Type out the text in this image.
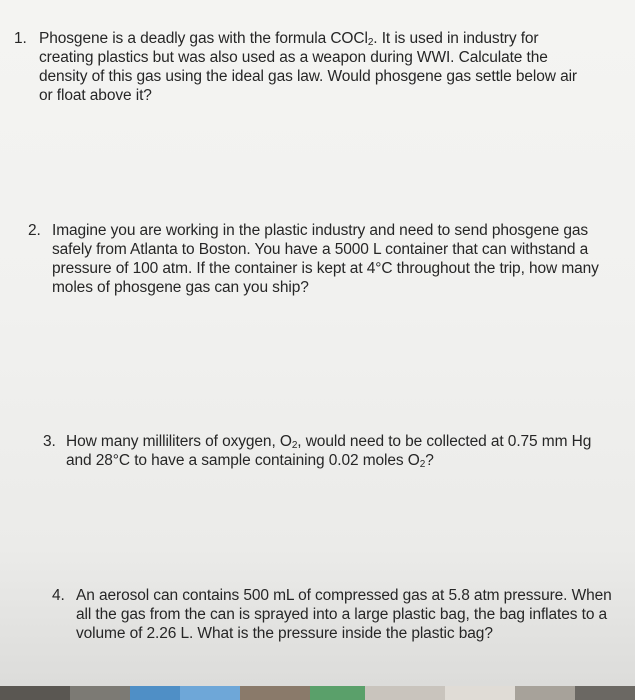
1. Phosgene is a deadly gas with the formula COCl$_2$. It is used in industry for
creating plastics but was also used as a weapon during WWI. Calculate the
density of this gas using the ideal gas law. Would phosgene gas settle below air
or float above it?
2. Imagine you are working in the plastic industry and need to send phosgene gas
safely from Atlanta to Boston. You have a 5000 L container that can withstand a
pressure of 100 atm. If the container is kept at 4°C throughout the trip, how many
moles of phosgene gas can you ship?
3. How many milliliters of oxygen, $O_2$, would need to be collected at 0.75 mm Hg
and 28°C to have a sample containing 0.02 moles $O_2$?
4. An aerosol can contains 500 mL of compressed gas at 5.8 atm pressure. When
all the gas from the can is sprayed into a large plastic bag, the bag inflates to a
volume of 2.26 L. What is the pressure inside the plastic bag?
